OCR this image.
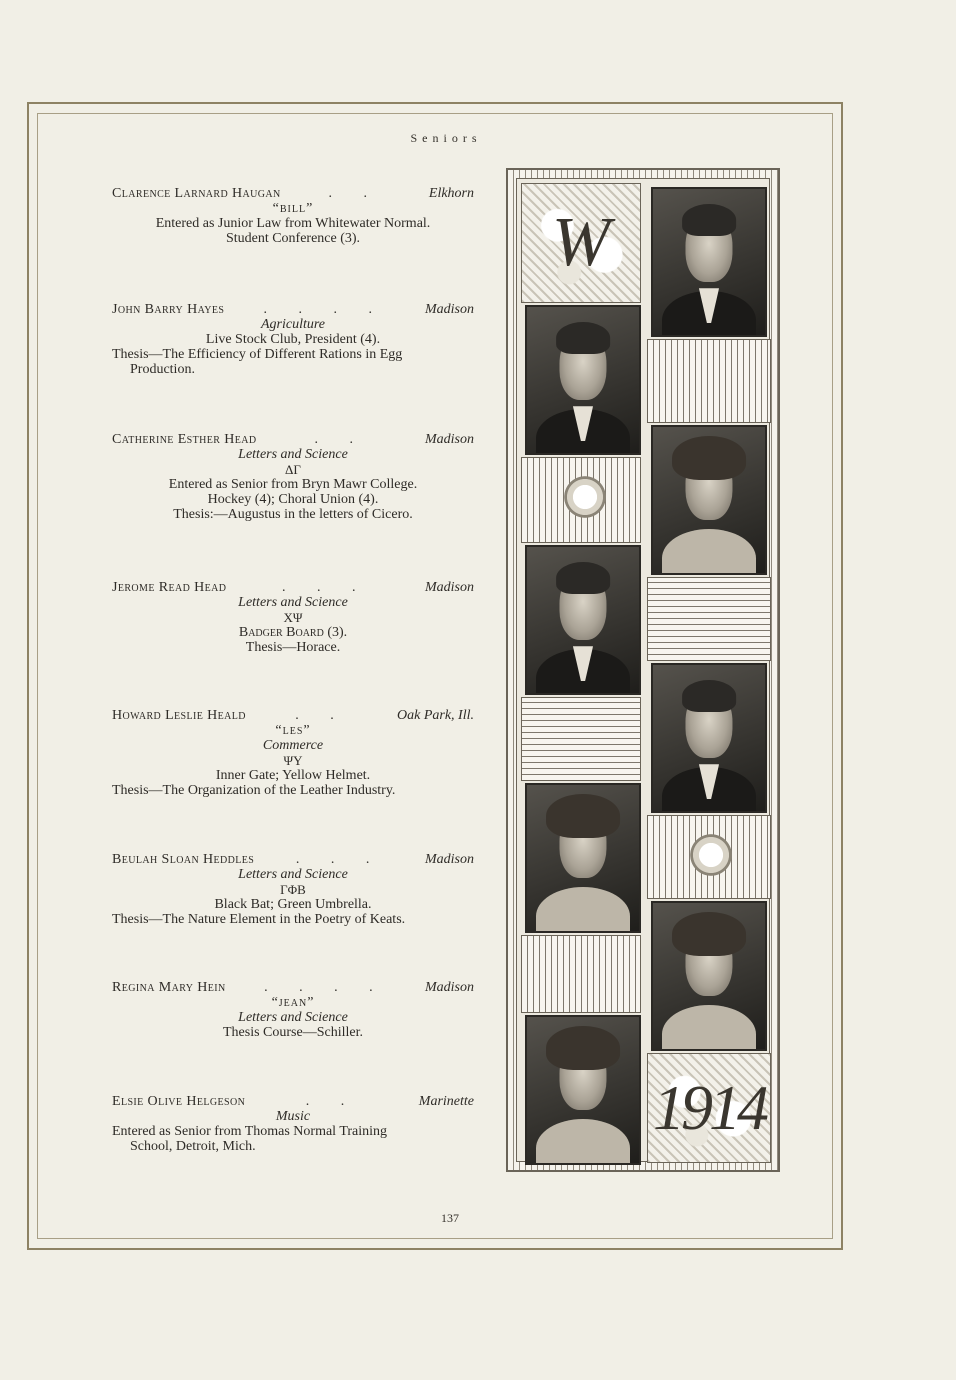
Seniors
Clarence Larnard Haugan	. .	Elkhorn
“bill”
Entered as Junior Law from Whitewater Normal.
Student Conference (3).
John Barry Hayes	. . . .	Madison
Agriculture
Live Stock Club, President (4).
Thesis—The Efficiency of Different Rations in Egg
Production.
Catherine Esther Head	. .	Madison
Letters and Science
ΔΓ
Entered as Senior from Bryn Mawr College.
Hockey (4); Choral Union (4).
Thesis:—Augustus in the letters of Cicero.
Jerome Read Head	. . .	Madison
Letters and Science
ΧΨ
Badger Board (3).
Thesis—Horace.
Howard Leslie Heald	. .	Oak Park, Ill.
“les”
Commerce
ΨΥ
Inner Gate; Yellow Helmet.
Thesis—The Organization of the Leather Industry.
Beulah Sloan Heddles	. . .	Madison
Letters and Science
ΓΦΒ
Black Bat; Green Umbrella.
Thesis—The Nature Element in the Poetry of Keats.
Regina Mary Hein	. . . .	Madison
“jean”
Letters and Science
Thesis Course—Schiller.
Elsie Olive Helgeson	. .	Marinette
Music
Entered as Senior from Thomas Normal Training
School, Detroit, Mich.
W
1914
137
